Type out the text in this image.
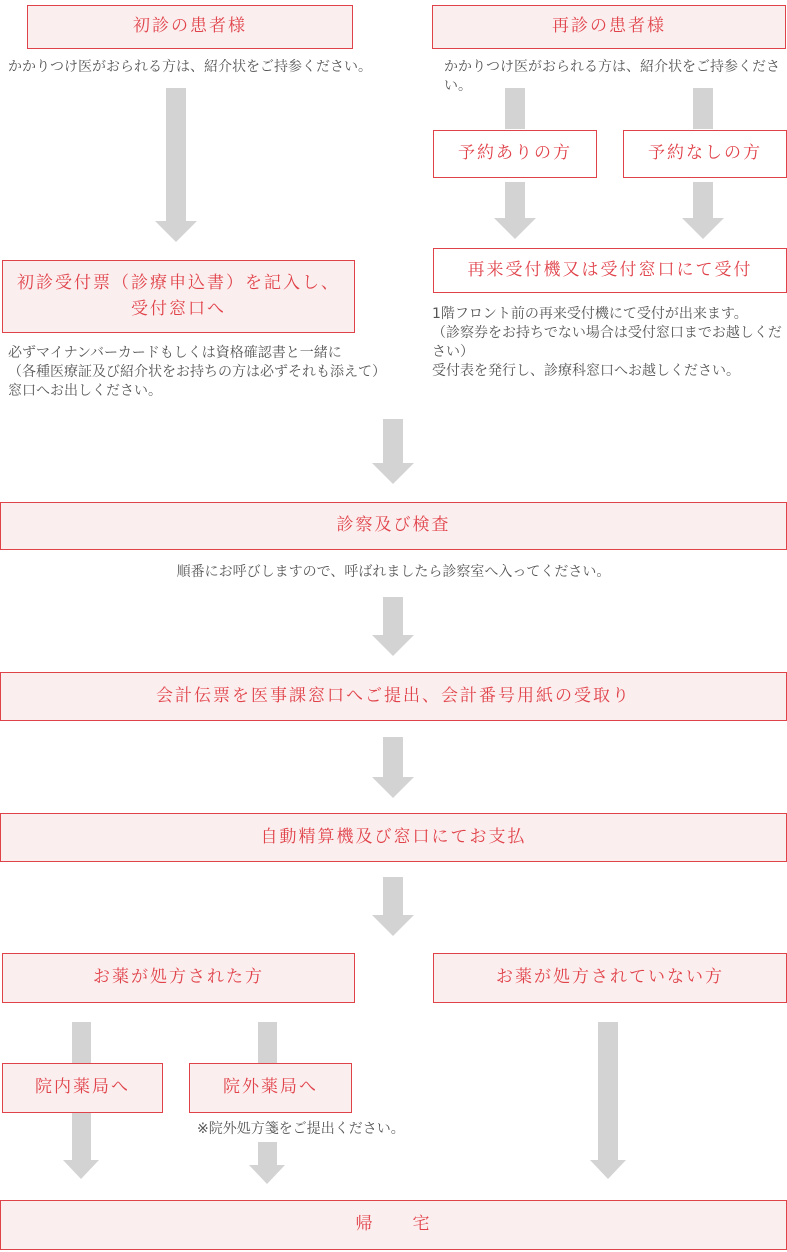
初診の患者様
かかりつけ医がおられる方は、紹介状をご持参ください。
再診の患者様
かかりつけ医がおられる方は、紹介状をご持参ください。
予約ありの方	予約なしの方
初診受付票（診療申込書）を記入し、
受付窓口へ
必ずマイナンバーカードもしくは資格確認書と一緒に
（各種医療証及び紹介状をお持ちの方は必ずそれも添えて）
窓口へお出しください。
再来受付機又は受付窓口にて受付
1階フロント前の再来受付機にて受付が出来ます。
（診察券をお持ちでない場合は受付窓口までお越しください）
受付表を発行し、診療科窓口へお越しください。
診察及び検査
順番にお呼びしますので、呼ばれましたら診察室へ入ってください。
会計伝票を医事課窓口へご提出、会計番号用紙の受取り
自動精算機及び窓口にてお支払
お薬が処方された方	お薬が処方されていない方
院内薬局へ	院外薬局へ
※院外処方箋をご提出ください。
帰　　宅
